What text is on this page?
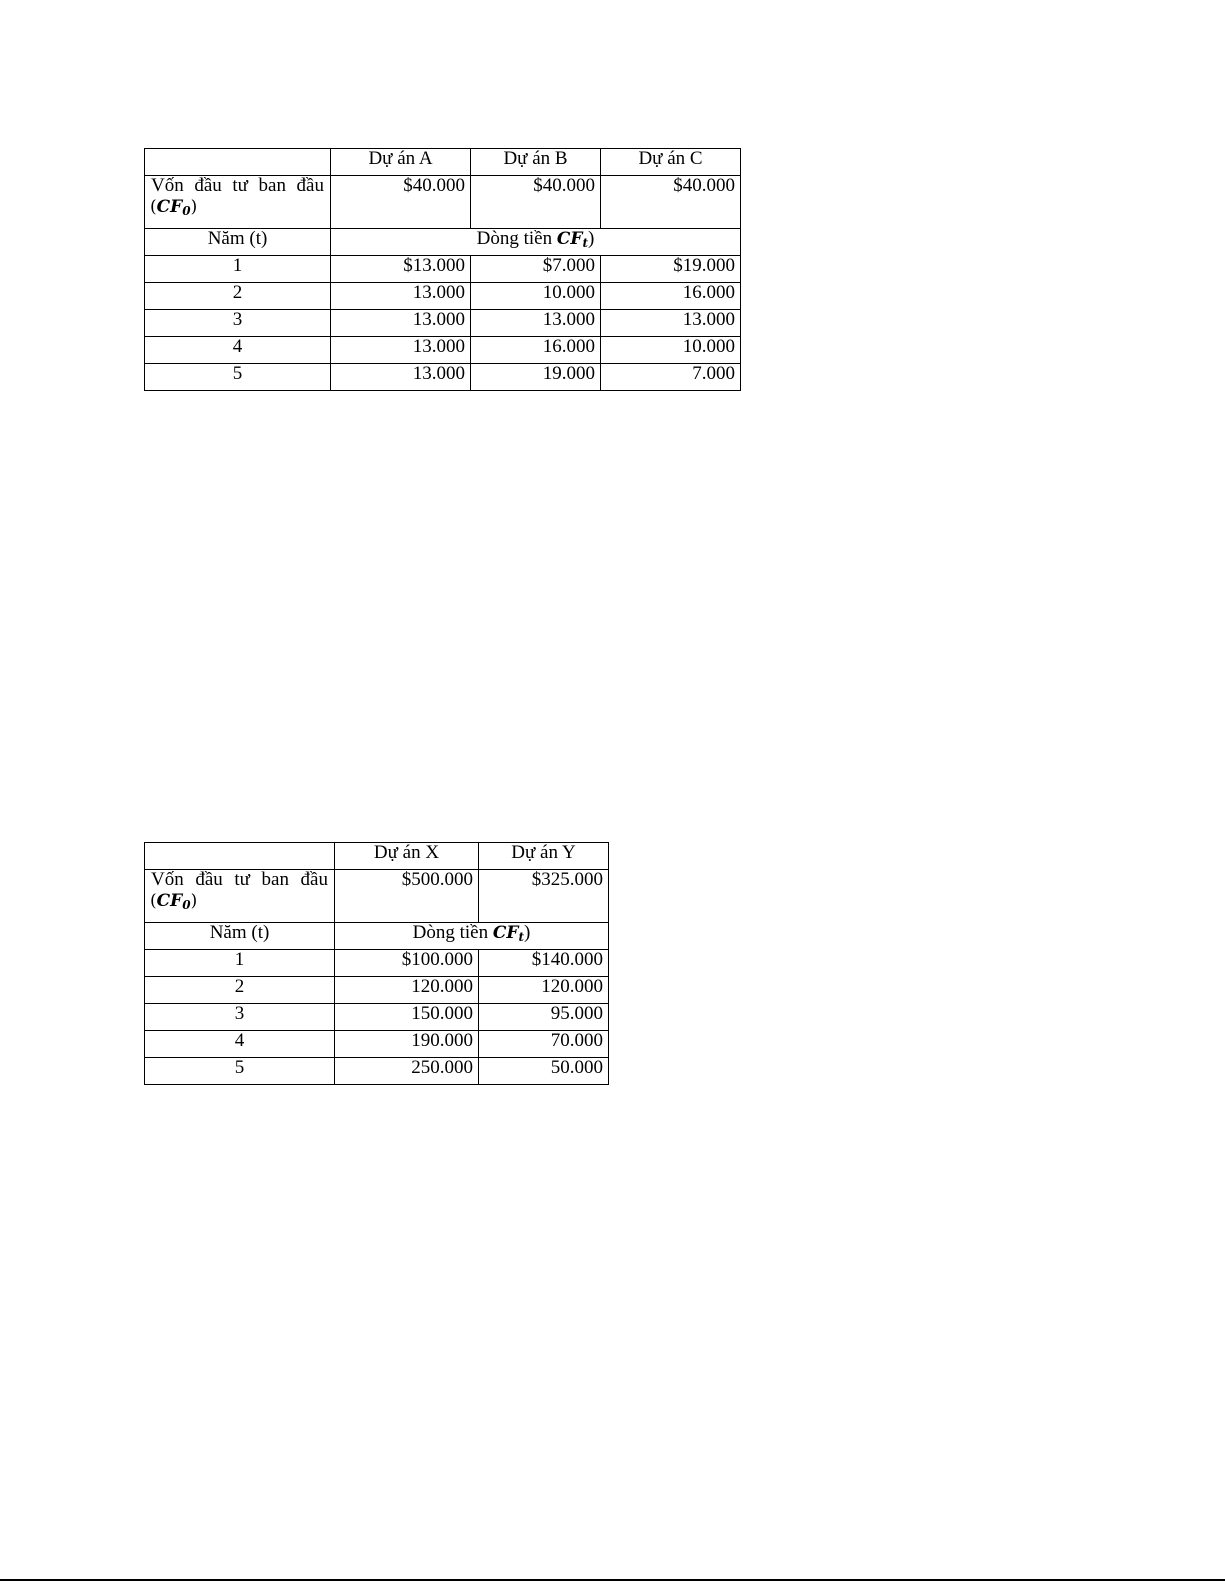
	Dự án A	Dự án B	Dự án C

Vốn đầu tư ban đầu
$(CF_0)$	$40.000	$40.000	$40.000
Năm (t)	Dòng tiền $CF_t$)		
1	$13.000	$7.000	$19.000
2	13.000	10.000	16.000
3	13.000	13.000	13.000
4	13.000	16.000	10.000
5	13.000	19.000	7.000
	Dự án X	Dự án Y

Vốn đầu tư ban đầu
$(CF_0)$	$500.000	$325.000
Năm (t)	Dòng tiền $CF_t$)	
1	$100.000	$140.000
2	120.000	120.000
3	150.000	95.000
4	190.000	70.000
5	250.000	50.000
